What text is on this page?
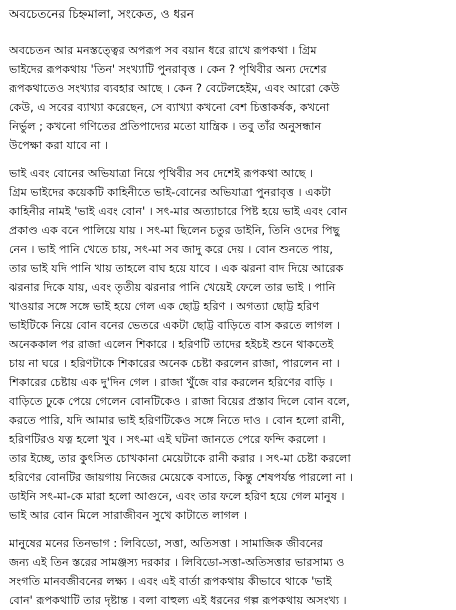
অবচেতনের চিহ্নমালা, সংকেত, ও ধরন
অবচেতন আর মনস্তত্ত্বের অপরূপ সব বয়ান ধরে রাখে রূপকথা । গ্রিম
ভাইদের রূপকথায় 'তিন' সংখ্যাটি পুনরাবৃত্ত । কেন ? পৃথিবীর অন্য দেশের
রূপকথাতেও সংখ্যার ব্যবহার আছে । কেন ? বেটেলহেইম, এবং আরো কেউ
কেউ, এ সবের ব্যাখ্যা করেছেন, সে ব্যাখ্যা কখনো বেশ চিত্তাকর্ষক, কখনো
নির্ভুল ; কখনো গণিতের প্রতিপাদ্যের মতো যান্ত্রিক । তবু তাঁর অনুসন্ধান
উপেক্ষা করা যাবে না ।
ভাই এবং বোনের অভিযাত্রা নিয়ে পৃথিবীর সব দেশেই রূপকথা আছে ।
গ্রিম ভাইদের কয়েকটি কাহিনীতে ভাই-বোনের অভিযাত্রা পুনরাবৃত্ত । একটা
কাহিনীর নামই 'ভাই এবং বোন' । সৎ-মার অত্যাচারে পিষ্ট হয়ে ভাই এবং বোন
প্রকাণ্ড এক বনে পালিয়ে যায় । সৎ-মা ছিলেন চতুর ডাইনি, তিনি ওদের পিছু
নেন । ভাই পানি খেতে চায়, সৎ-মা সব জাদু করে দেয় । বোন শুনতে পায়,
তার ভাই যদি পানি খায় তাহলে বাঘ হয়ে যাবে । এক ঝরনা বাদ দিয়ে আরেক
ঝরনার দিকে যায়, এবং তৃতীয় ঝরনার পানি খেয়েই ফেলে তার ভাই । পানি
খাওয়ার সঙ্গে সঙ্গে ভাই হয়ে গেল এক ছোট্ট হরিণ । অগত্যা ছোট্ট হরিণ
ভাইটিকে নিয়ে বোন বনের ভেতরে একটা ছোট্ট বাড়িতে বাস করতে লাগল ।
অনেককাল পর রাজা এলেন শিকারে । হরিণটি তাদের হইচই শুনে থাকতেই
চায় না ঘরে । হরিণটাকে শিকারের অনেক চেষ্টা করলেন রাজা, পারলেন না ।
শিকারের চেষ্টায় এক দু'দিন গেল । রাজা খুঁজে বার করলেন হরিণের বাড়ি ।
বাড়িতে ঢুকে পেয়ে গেলেন বোনটিকেও । রাজা বিয়ের প্রস্তাব দিলে বোন বলে,
করতে পারি, যদি আমার ভাই হরিণটিকেও সঙ্গে নিতে দাও । বোন হলো রানী,
হরিণটিরও যত্ন হলো খুব । সৎ-মা এই ঘটনা জানতে পেরে ফন্দি করলো ।
তার ইচ্ছে, তার কুৎসিত চোখকানা মেয়েটাকে রানী করার । সৎ-মা চেষ্টা করলো
হরিণের বোনটির জায়গায় নিজের মেয়েকে বসাতে, কিন্তু শেষপর্যন্ত পারলো না ।
ডাইনি সৎ-মা-কে মারা হলো আগুনে, এবং তার ফলে হরিণ হয়ে গেল মানুষ ।
ভাই আর বোন মিলে সারাজীবন সুখে কাটাতে লাগল ।
মানুষের মনের তিনভাগ : লিবিডো, সত্তা, অতিসত্তা । সামাজিক জীবনের
জন্য এই তিন স্তরের সামঞ্জস্য দরকার । লিবিডো-সত্তা-অতিসত্তার ভারসাম্য ও
সংগতি মানবজীবনের লক্ষ্য । এবং এই বার্তা রূপকথায় কীভাবে থাকে 'ভাই
বোন' রূপকথাটি তার দৃষ্টান্ত । বলা বাহুল্য এই ধরনের গল্প রূপকথায় অসংখ্য ।
